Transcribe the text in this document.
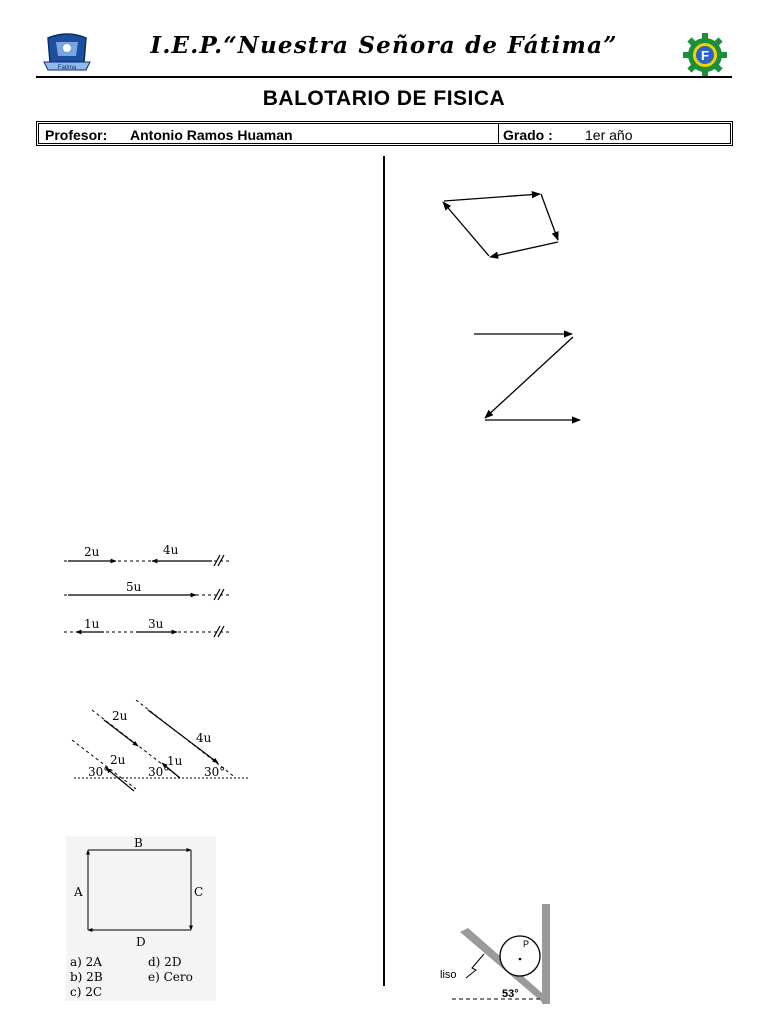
Fatima
I.E.P.“Nuestra Señora de Fátima”	F
BALOTARIO DE FISICA
Profesor: Antonio Ramos Huaman	Grado : 1er año
2u	4u
5u
1u	3u
2u
4u
2u	1u
30°	30°	30°
B
A	C
D
a) 2A
b) 2B
c) 2C
d) 2D
e) Cero
P
liso
53°
